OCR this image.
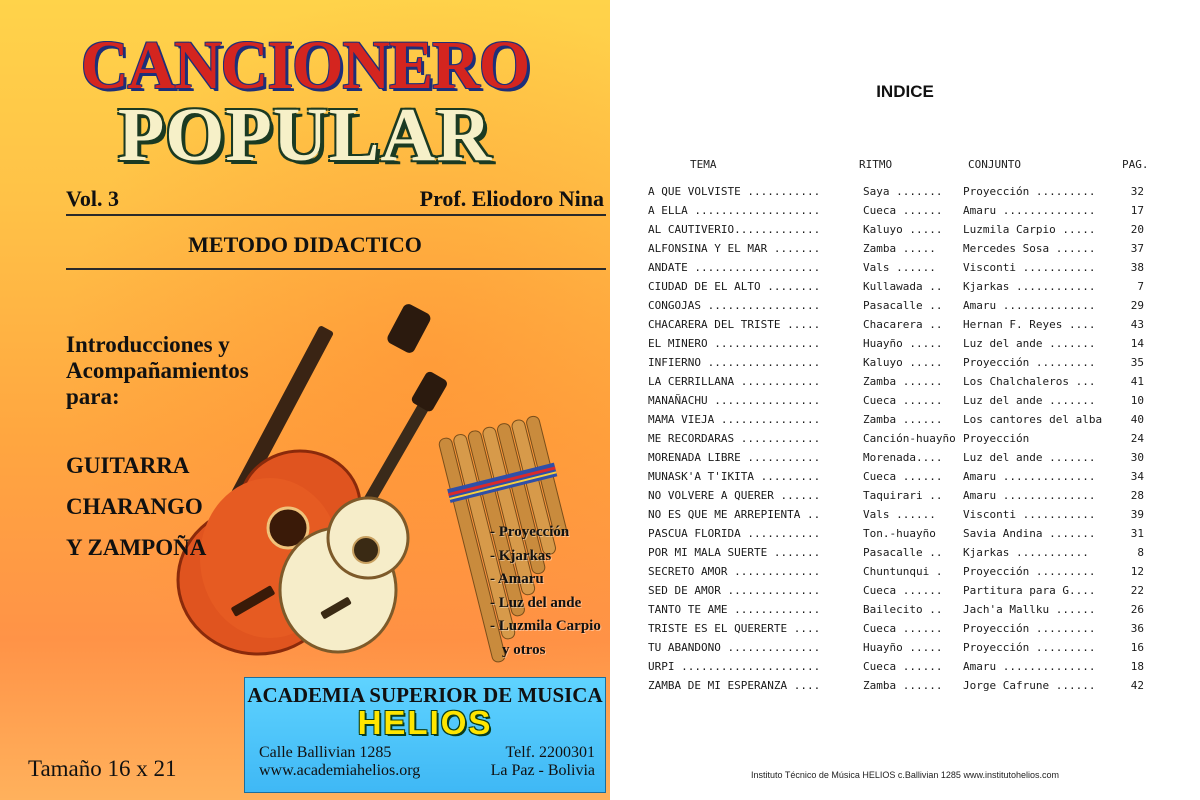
CANCIONERO
POPULAR
Vol. 3	Prof. Eliodoro Nina
METODO DIDACTICO
Introducciones y
Acompañamientos
para:
GUITARRA
CHARANGO
Y ZAMPOÑA
- Proyección
- Kjarkas
- Amaru
- Luz del ande
- Luzmila Carpio
y otros
Tamaño 16 x 21
ACADEMIA SUPERIOR DE MUSICA
HELIOS
Calle Ballivian 1285
www.academiahelios.org
Telf. 2200301
La Paz - Bolivia
INDICE
TEMA	RITMO	CONJUNTO	PAG.
A QUE VOLVISTE ...........	Saya ....... Proyección .........	32
A ELLA ...................	Cueca ...... Amaru ..............	17
AL CAUTIVERIO.............	Kaluyo ..... Luzmila Carpio .....	20
ALFONSINA Y EL MAR .......	Zamba ..... Mercedes Sosa ......	37
ANDATE ...................	Vals ...... Visconti ...........	38
CIUDAD DE EL ALTO ........	Kullawada .. Kjarkas ............	7
CONGOJAS .................	Pasacalle .. Amaru ..............	29
CHACARERA DEL TRISTE .....	Chacarera .. Hernan F. Reyes ....	43
EL MINERO ................	Huayño ..... Luz del ande .......	14
INFIERNO .................	Kaluyo ..... Proyección .........	35
LA CERRILLANA ............	Zamba ...... Los Chalchaleros ...	41
MANAÑACHU ................	Cueca ...... Luz del ande .......	10
MAMA VIEJA ...............	Zamba ...... Los cantores del alba	40
ME RECORDARAS ............	Canción-huayño Proyección	24
MORENADA LIBRE ...........	Morenada.... Luz del ande .......	30
MUNASK'A T'IKITA .........	Cueca ...... Amaru ..............	34
NO VOLVERE A QUERER ......	Taquirari .. Amaru ..............	28
NO ES QUE ME ARREPIENTA ..	Vals ...... Visconti ...........	39
PASCUA FLORIDA ...........	Ton.-huayño Savia Andina .......	31
POR MI MALA SUERTE .......	Pasacalle .. Kjarkas ...........	8
SECRETO AMOR .............	Chuntunqui . Proyección .........	12
SED DE AMOR ..............	Cueca ...... Partitura para G....	22
TANTO TE AME .............	Bailecito .. Jach'a Mallku ......	26
TRISTE ES EL QUERERTE ....	Cueca ...... Proyección .........	36
TU ABANDONO ..............	Huayño ..... Proyección .........	16
URPI .....................	Cueca ...... Amaru ..............	18
ZAMBA DE MI ESPERANZA ....	Zamba ...... Jorge Cafrune ......	42
Instituto Técnico de Música HELIOS c.Ballivian 1285 www.institutohelios.com
